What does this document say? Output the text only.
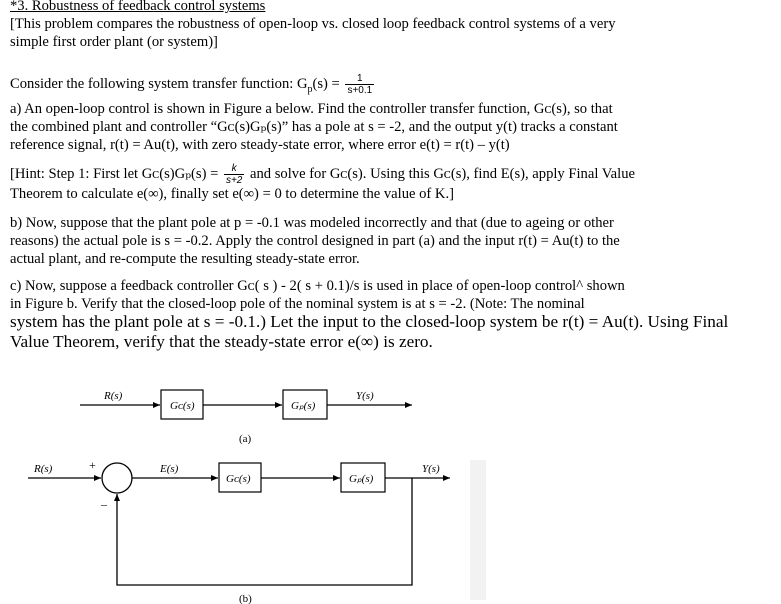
*3. Robustness of feedback control systems
[This problem compares the robustness of open-loop vs. closed loop feedback control systems of a very
simple first order plant (or system)]
Consider the following system transfer function: $G_p(s) = \frac{1}{s+0.1}$
a) An open-loop control is shown in Figure a below. Find the controller transfer function, Gᴄ(s), so that
the combined plant and controller “Gᴄ(s)Gₚ(s)” has a pole at s = -2, and the output y(t) tracks a constant
reference signal, r(t) = Au(t), with zero steady-state error, where error e(t) = r(t) – y(t)
[Hint: Step 1: First let Gᴄ(s)Gₚ(s) = $\frac{k}{s+2}$ and solve for Gᴄ(s). Using this Gᴄ(s), find E(s), apply Final Value
Theorem to calculate e(∞), finally set e(∞) = 0 to determine the value of K.]
b) Now, suppose that the plant pole at p = -0.1 was modeled incorrectly and that (due to ageing or other
reasons) the actual pole is s = -0.2. Apply the control designed in part (a) and the input r(t) = Au(t) to the
actual plant, and re-compute the resulting steady-state error.
c) Now, suppose a feedback controller Gᴄ( s ) - 2( s + 0.1)/s is used in place of open-loop control^ shown
in Figure b. Verify that the closed-loop pole of the nominal system is at s = -2. (Note: The nominal
system has the plant pole at s = -0.1.) Let the input to the closed-loop system be r(t) = Au(t). Using Final
Value Theorem, verify that the steady-state error e(∞) is zero.
R(s)
Gᴄ(s)	Gₚ(s)
Y(s)
(a)
R(s)	+
–
E(s)
Gᴄ(s)	Gₚ(s)
Y(s)
(b)
